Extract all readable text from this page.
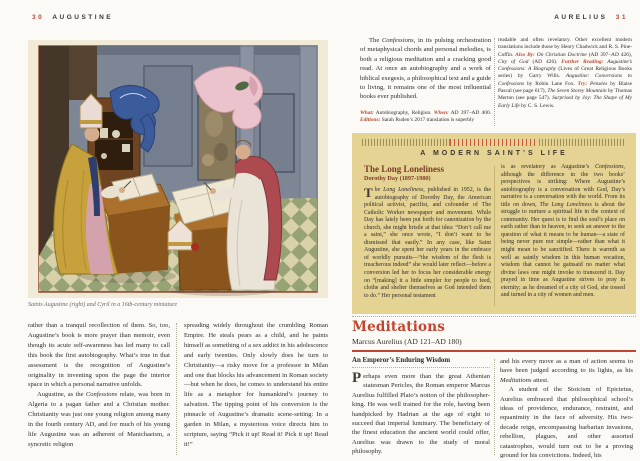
30 AUGUSTINE	AURELIUS 31
Saints Augustine (right) and Cyril in a 16th-century miniature

rather than a tranquil recollection of them. So, too, Augustine’s book is more prayer than memoir, even though its acute self-awareness has led many to call this book the first autobiography. What’s true in that assessment is the recognition of Augustine’s originality in inventing upon the page the interior space in which a personal narrative unfolds.

Augustine, as the Confessions relate, was born in Algeria to a pagan father and a Christian mother. Christianity was just one young religion among many in the fourth century AD, and for much of his young life Augustine was an adherent of Manichaeism, a syncretic religion

spreading widely throughout the crumbling Roman Empire. He steals pears as a child, and he paints himself as something of a sex addict in his adolescence and early twenties. Only slowly does he turn to Christianity—a risky move for a professor in Milan and one that blocks his advancement in Roman society—but when he does, he comes to understand his entire life as a metaphor for humankind’s journey to salvation. The tipping point of his conversion is the pinnacle of Augustine’s dramatic scene-setting: In a garden in Milan, a mysterious voice directs him to scripture, saying “Pick it up! Read it! Pick it up! Read it!”

The Confessions, in its pulsing orchestration of metaphysical chords and personal melodies, is both a religious meditation and a cracking good read. At once an autobiography and a work of biblical exegesis, a philosophical text and a guide to living, it remains one of the most influential books ever published.

What: Autobiography, Religion. When: AD 397–AD 400. Editions: Sarah Ruden’s 2017 translation is superbly

readable and often revelatory. Other excellent modern translations include those by Henry Chadwick and R. S. Pine-Coffin. Also By: On Christian Doctrine (AD 397–AD 426), City of God (AD 426). Further Reading: Augustine’s Confessions: A Biography (Lives of Great Religious Books series) by Garry Wills. Augustine: Conversions to Confessions by Robin Lane Fox. Try: Pensées by Blaise Pascal (see page 617), The Seven Storey Mountain by Thomas Merton (see page 547). Surprised by Joy: The Shape of My Early Life by C. S. Lewis.
A MODERN SAINT’S LIFE
The Long Loneliness
Dorothy Day (1897-1980)

The Long Loneliness, published in 1952, is the autobiography of Dorothy Day, the American political activist, pacifist, and cofounder of The Catholic Worker newspaper and movement. While Day has lately been put forth for canonization by the church, she might bristle at that idea: “Don’t call me a saint,” she once wrote, “I don’t want to be dismissed that easily.” In any case, like Saint Augustine, she spent her early years in the embrace of worldly pursuits—“the wisdom of the flesh is treacherous indeed” she would later reflect—before a conversion led her to focus her considerable energy on “[making] it a little simpler for people to feed, clothe and shelter themselves as God intended them to do.” Her personal testament

is as revelatory as Augustine’s Confessions, although the difference in the two books’ perspectives is striking: Where Augustine’s autobiography is a conversation with God, Day’s narrative is a conversation with the world. From its title on down, The Long Loneliness is about the struggle to nurture a spiritual life in the context of community. Her quest is to find the soul’s place on earth rather than in heaven, to seek an answer to the question of what it means to be human—a state of being never pure nor simple—rather than what it might mean to be sanctified. There is warmth as well as saintly wisdom in this human vocation, wisdom that cannot be gainsaid no matter what divine laws one might invoke to transcend it. Day prayed in time as Augustine strives to pray in eternity; as he dreamed of a city of God, she tossed and turned in a city of women and men.

Meditations
Marcus Aurelius (AD 121–AD 180)
An Emperor’s Enduring Wisdom

Perhaps even more than the great Athenian statesman Pericles, the Roman emperor Marcus Aurelius fulfilled Plato’s notion of the philosopher-king. He was well trained for the role, having been handpicked by Hadrian at the age of eight to succeed that imperial luminary. The beneficiary of the finest education the ancient world could offer, Aurelius was drawn to the study of moral philosophy.

and his every move as a man of action seems to have been judged according to its lights, as his Meditations attest.

A student of the Stoicism of Epictetus, Aurelius embraced that philosophical school’s ideas of providence, endurance, restraint, and equanimity in the face of adversity. His two-decade reign, encompassing barbarian invasions, rebellion, plagues, and other assorted catastrophes, would turn out to be a proving ground for his convictions. Indeed, his
